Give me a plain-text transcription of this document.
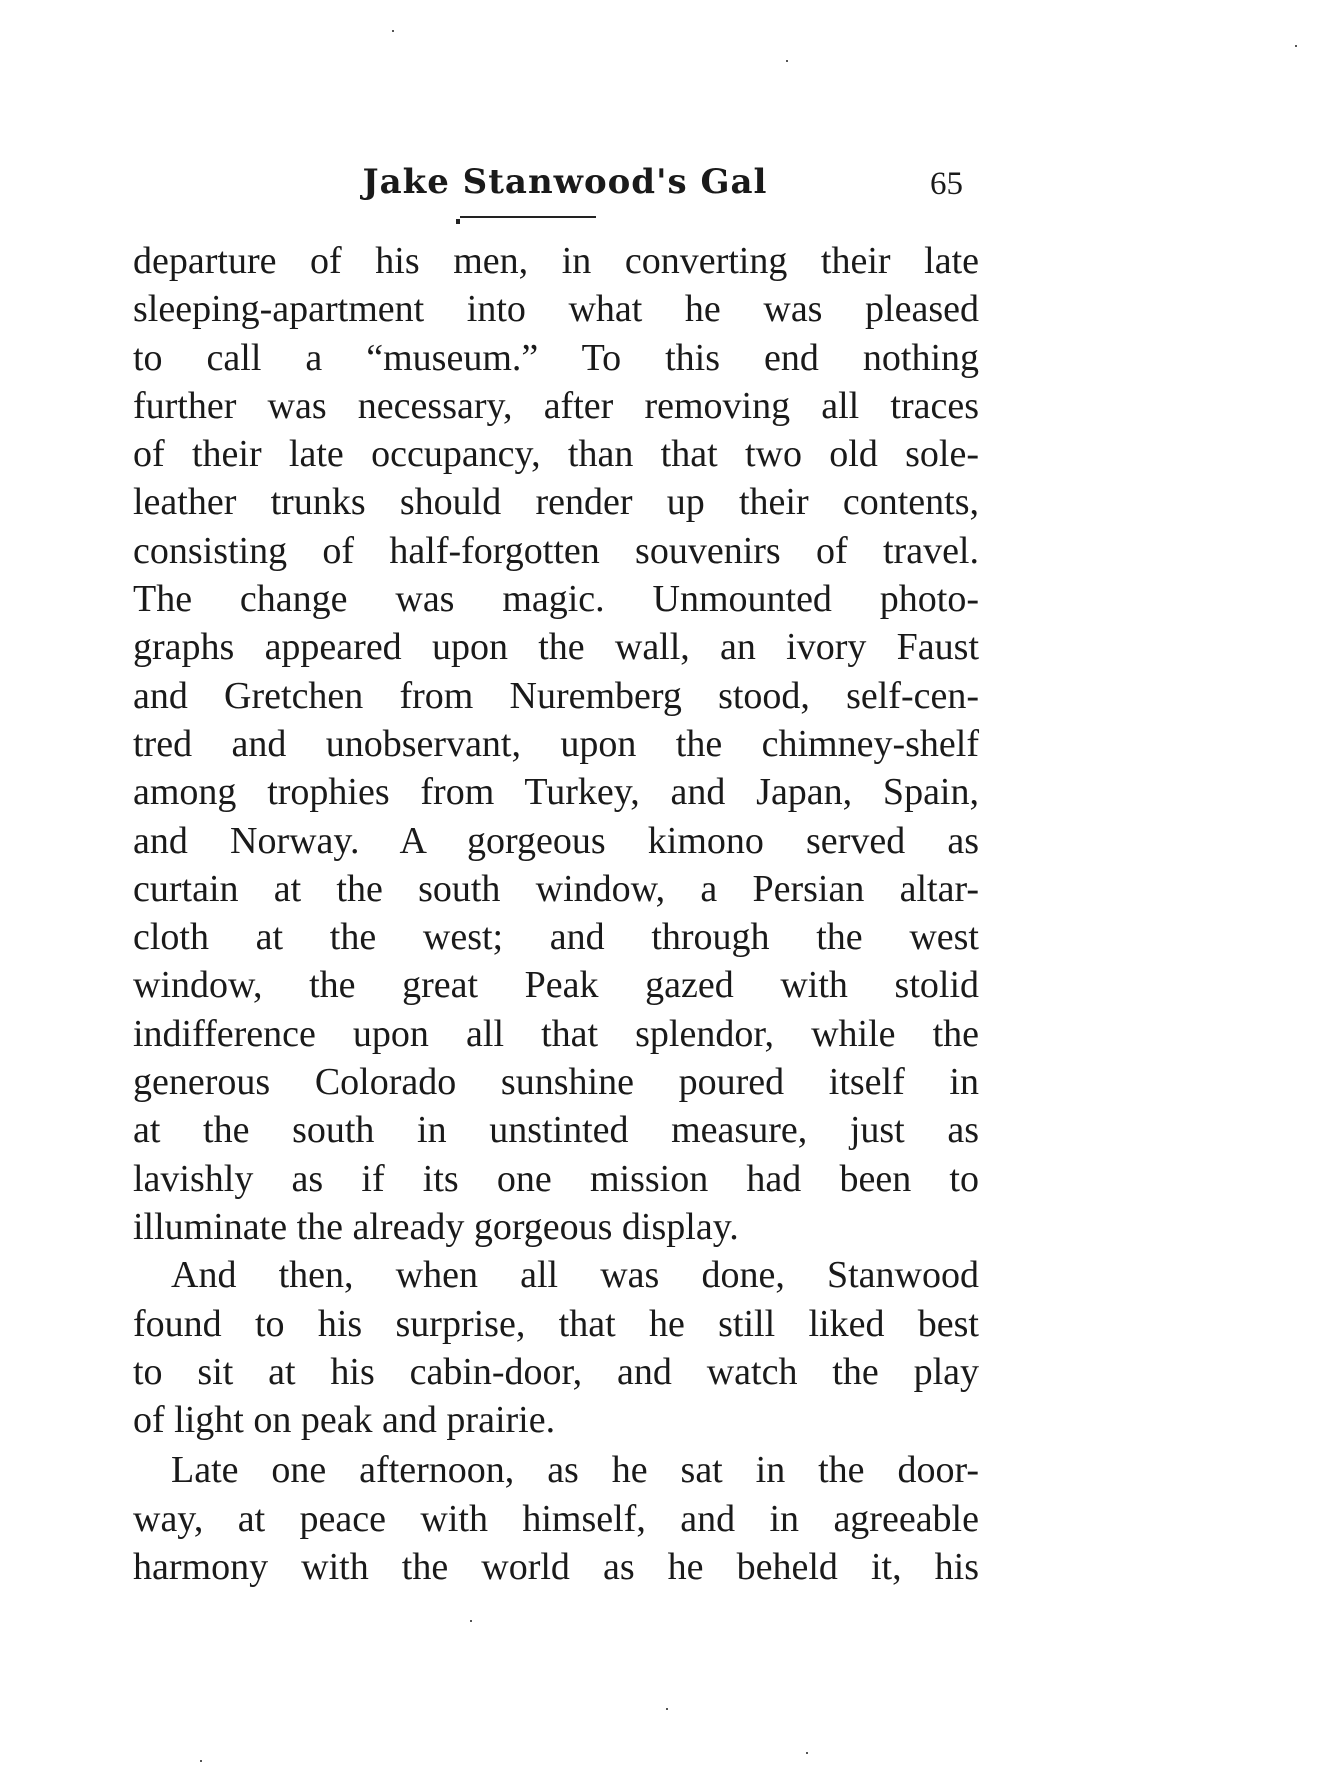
Jake Stanwood's Gal	65
departure of his men, in converting their late
sleeping-apartment into what he was pleased
to call a “museum.” To this end nothing
further was necessary, after removing all traces
of their late occupancy, than that two old sole-
leather trunks should render up their contents,
consisting of half-forgotten souvenirs of travel.
The change was magic. Unmounted photo-
graphs appeared upon the wall, an ivory Faust
and Gretchen from Nuremberg stood, self-cen-
tred and unobservant, upon the chimney-shelf
among trophies from Turkey, and Japan, Spain,
and Norway. A gorgeous kimono served as
curtain at the south window, a Persian altar-
cloth at the west; and through the west
window, the great Peak gazed with stolid
indifference upon all that splendor, while the
generous Colorado sunshine poured itself in
at the south in unstinted measure, just as
lavishly as if its one mission had been to
illuminate the already gorgeous display.
And then, when all was done, Stanwood
found to his surprise, that he still liked best
to sit at his cabin-door, and watch the play
of light on peak and prairie.
Late one afternoon, as he sat in the door-
way, at peace with himself, and in agreeable
harmony with the world as he beheld it, his
